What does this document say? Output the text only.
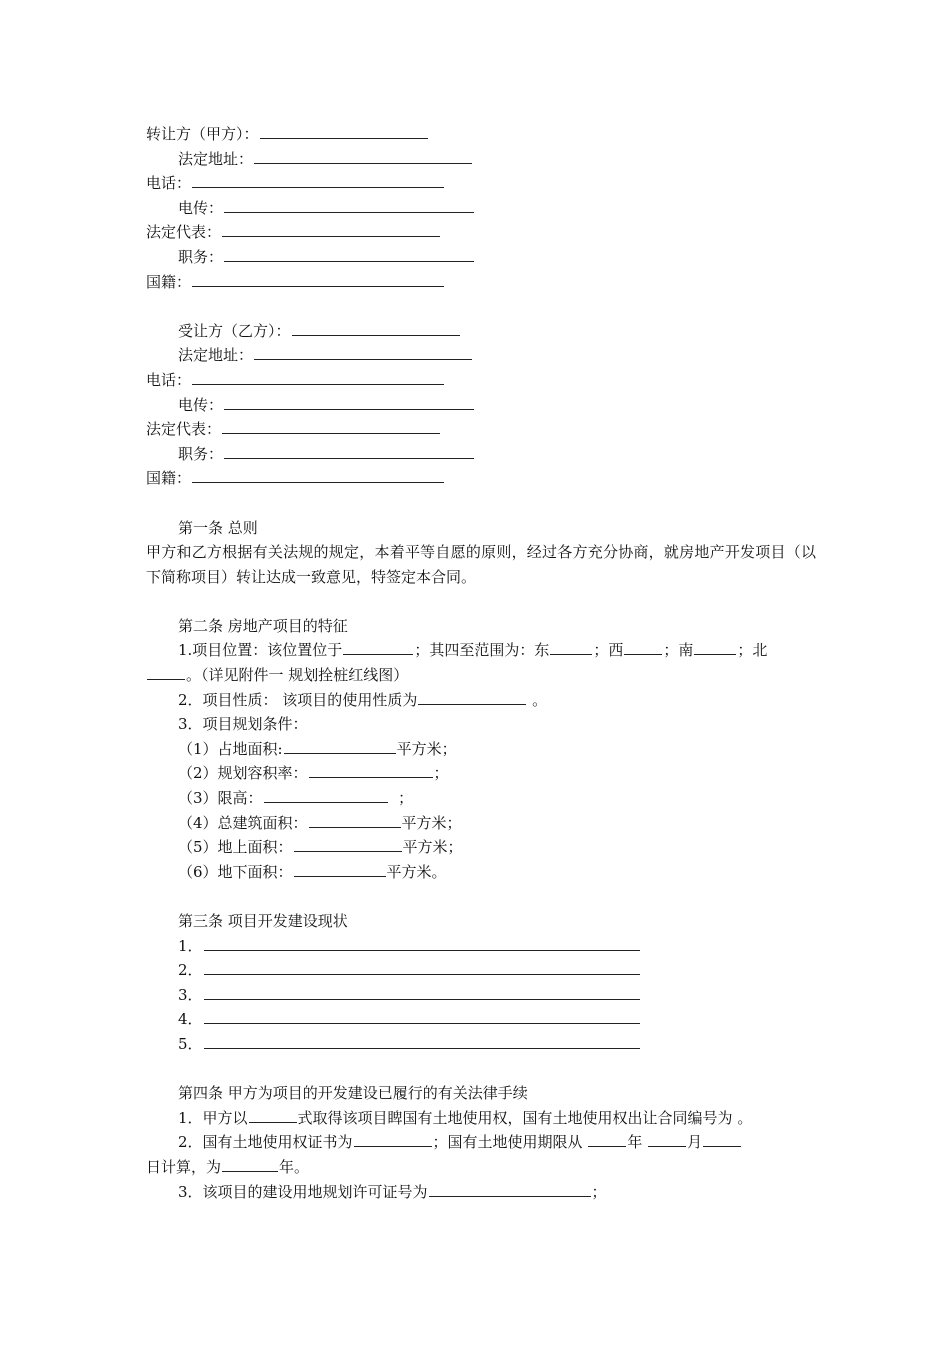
转让方（甲方）：
法定地址：
电话：
电传：
法定代表：
职务：
国籍：
受让方（乙方）：
法定地址：
电话：
电传：
法定代表：
职务：
国籍：
第一条 总则
甲方和乙方根据有关法规的规定，本着平等自愿的原则，经过各方充分协商，就房地产开发项目（以下简称项目）转让达成一致意见，特签定本合同。
第二条 房地产项目的特征
1.项目位置：该位置位于	；其四至范围为：东	；西	；南	；北
。（详见附件一 规划拴桩红线图）
2．项目性质： 该项目的使用性质为	。
3．项目规划条件：
（1）占地面积:	平方米；
（2）规划容积率：	；
（3）限高：	；
（4）总建筑面积：	平方米；
（5）地上面积：	平方米；
（6）地下面积：	平方米。
第三条 项目开发建设现状
1．
2．
3．
4．
5．
第四条 甲方为项目的开发建设已履行的有关法律手续
1．甲方以	式取得该项目睥国有土地使用权，国有土地使用权出让合同编号为 。
2．国有土地使用权证书为	；国有土地使用期限从	年	月
日计算，为	年。
3．该项目的建设用地规划许可证号为	；
